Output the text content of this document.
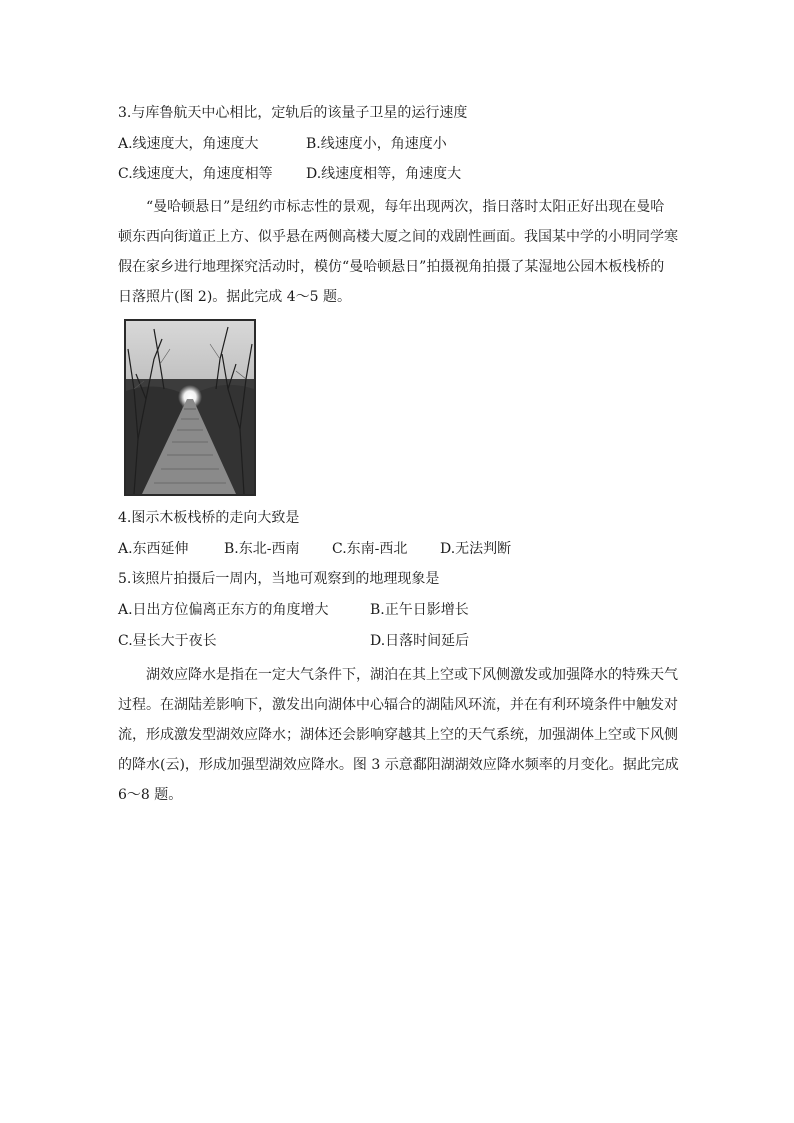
3.与库鲁航天中心相比，定轨后的该量子卫星的运行速度
A.线速度大，角速度大	B.线速度小，角速度小
C.线速度大，角速度相等 D.线速度相等，角速度大
“曼哈顿悬日”是纽约市标志性的景观，每年出现两次，指日落时太阳正好出现在曼哈
顿东西向街道正上方、似乎悬在两侧高楼大厦之间的戏剧性画面。我国某中学的小明同学寒
假在家乡进行地理探究活动时，模仿“曼哈顿悬日”拍摄视角拍摄了某湿地公园木板栈桥的
日落照片(图 2)。据此完成 4～5 题。
4.图示木板栈桥的走向大致是
A.东西延伸	B.东北-西南 C.东南-西北 D.无法判断
5.该照片拍摄后一周内，当地可观察到的地理现象是
A.日出方位偏离正东方的角度增大	B.正午日影增长
C.昼长大于夜长	D.日落时间延后
湖效应降水是指在一定大气条件下，湖泊在其上空或下风侧激发或加强降水的特殊天气
过程。在湖陆差影响下，激发出向湖体中心辐合的湖陆风环流，并在有利环境条件中触发对
流，形成激发型湖效应降水；湖体还会影响穿越其上空的天气系统，加强湖体上空或下风侧
的降水(云)，形成加强型湖效应降水。图 3 示意鄱阳湖湖效应降水频率的月变化。据此完成
6～8 题。
